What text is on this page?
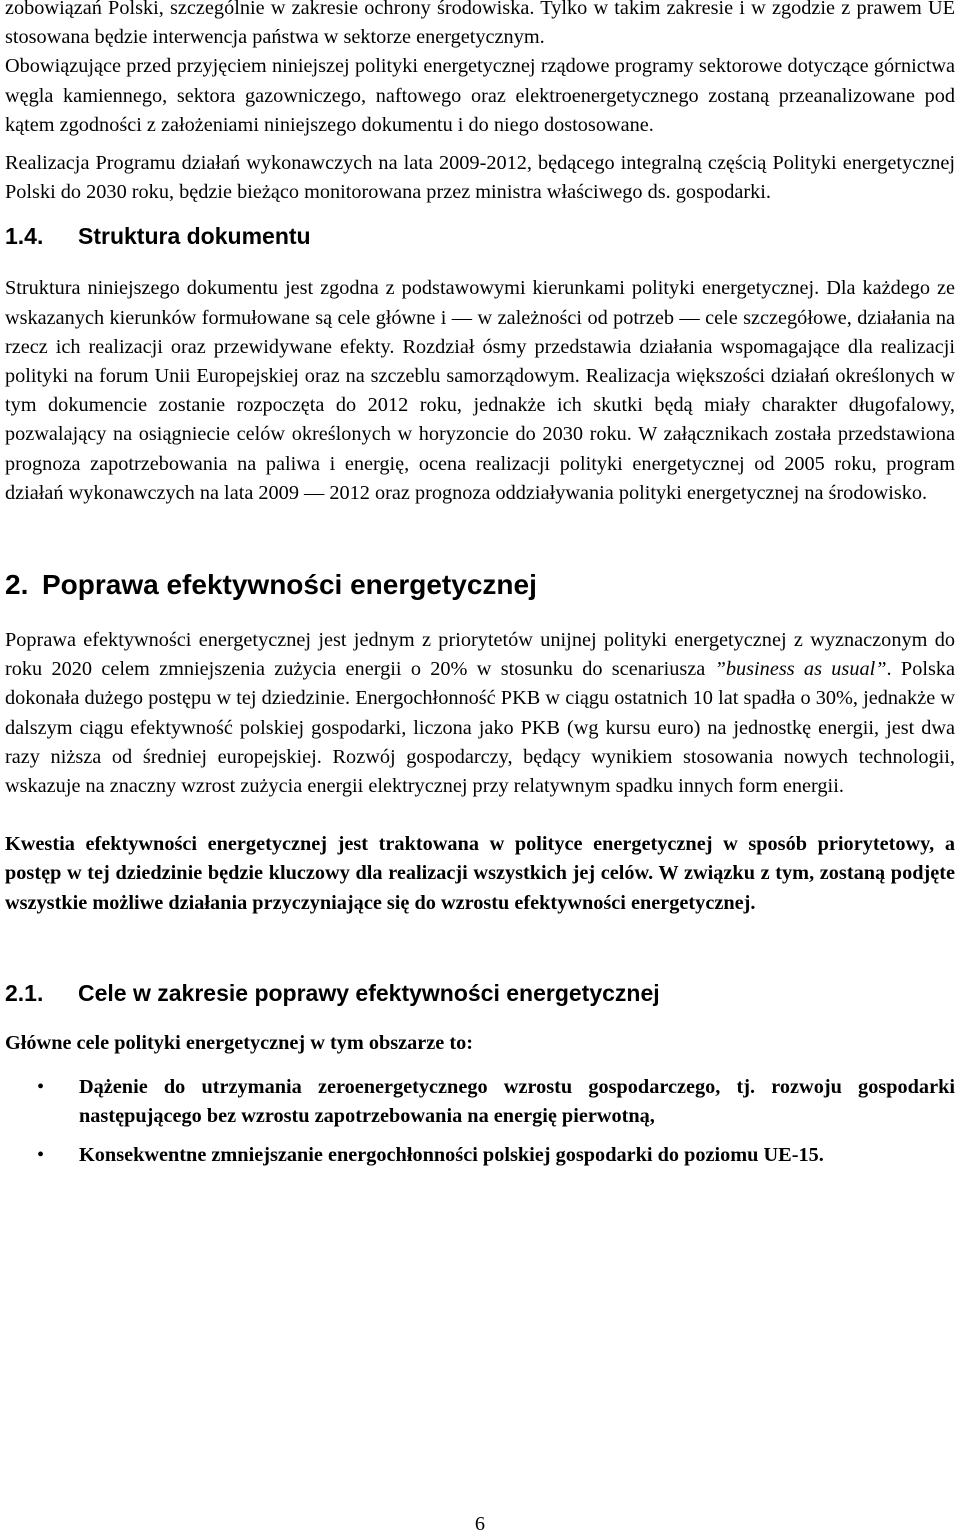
zobowiązań Polski, szczególnie w zakresie ochrony środowiska. Tylko w takim zakresie i w zgodzie z prawem UE stosowana będzie interwencja państwa w sektorze energetycznym.

Obowiązujące przed przyjęciem niniejszej polityki energetycznej rządowe programy sektorowe dotyczące górnictwa węgla kamiennego, sektora gazowniczego, naftowego oraz elektroenergetycznego zostaną przeanalizowane pod kątem zgodności z założeniami niniejszego dokumentu i do niego dostosowane.

Realizacja Programu działań wykonawczych na lata 2009-2012, będącego integralną częścią Polityki energetycznej Polski do 2030 roku, będzie bieżąco monitorowana przez ministra właściwego ds. gospodarki.

1.4.	Struktura dokumentu

Struktura niniejszego dokumentu jest zgodna z podstawowymi kierunkami polityki energetycznej. Dla każdego ze wskazanych kierunków formułowane są cele główne i — w zależności od potrzeb — cele szczegółowe, działania na rzecz ich realizacji oraz przewidywane efekty. Rozdział ósmy przedstawia działania wspomagające dla realizacji polityki na forum Unii Europejskiej oraz na szczeblu samorządowym. Realizacja większości działań określonych w tym dokumencie zostanie rozpoczęta do 2012 roku, jednakże ich skutki będą miały charakter długofalowy, pozwalający na osiągniecie celów określonych w horyzoncie do 2030 roku. W załącznikach została przedstawiona prognoza zapotrzebowania na paliwa i energię, ocena realizacji polityki energetycznej od 2005 roku, program działań wykonawczych na lata 2009 — 2012 oraz prognoza oddziaływania polityki energetycznej na środowisko.

2. Poprawa efektywności energetycznej

Poprawa efektywności energetycznej jest jednym z priorytetów unijnej polityki energetycznej z wyznaczonym do roku 2020 celem zmniejszenia zużycia energii o 20% w stosunku do scenariusza ”business as usual”. Polska dokonała dużego postępu w tej dziedzinie. Energochłonność PKB w ciągu ostatnich 10 lat spadła o 30%, jednakże w dalszym ciągu efektywność polskiej gospodarki, liczona jako PKB (wg kursu euro) na jednostkę energii, jest dwa razy niższa od średniej europejskiej. Rozwój gospodarczy, będący wynikiem stosowania nowych technologii, wskazuje na znaczny wzrost zużycia energii elektrycznej przy relatywnym spadku innych form energii.

Kwestia efektywności energetycznej jest traktowana w polityce energetycznej w sposób priorytetowy, a postęp w tej dziedzinie będzie kluczowy dla realizacji wszystkich jej celów. W związku z tym, zostaną podjęte wszystkie możliwe działania przyczyniające się do wzrostu efektywności energetycznej.

2.1.	Cele w zakresie poprawy efektywności energetycznej

Główne cele polityki energetycznej w tym obszarze to:

• Dążenie do utrzymania zeroenergetycznego wzrostu gospodarczego, tj. rozwoju gospodarki następującego bez wzrostu zapotrzebowania na energię pierwotną,
• Konsekwentne zmniejszanie energochłonności polskiej gospodarki do poziomu UE-15.
6
